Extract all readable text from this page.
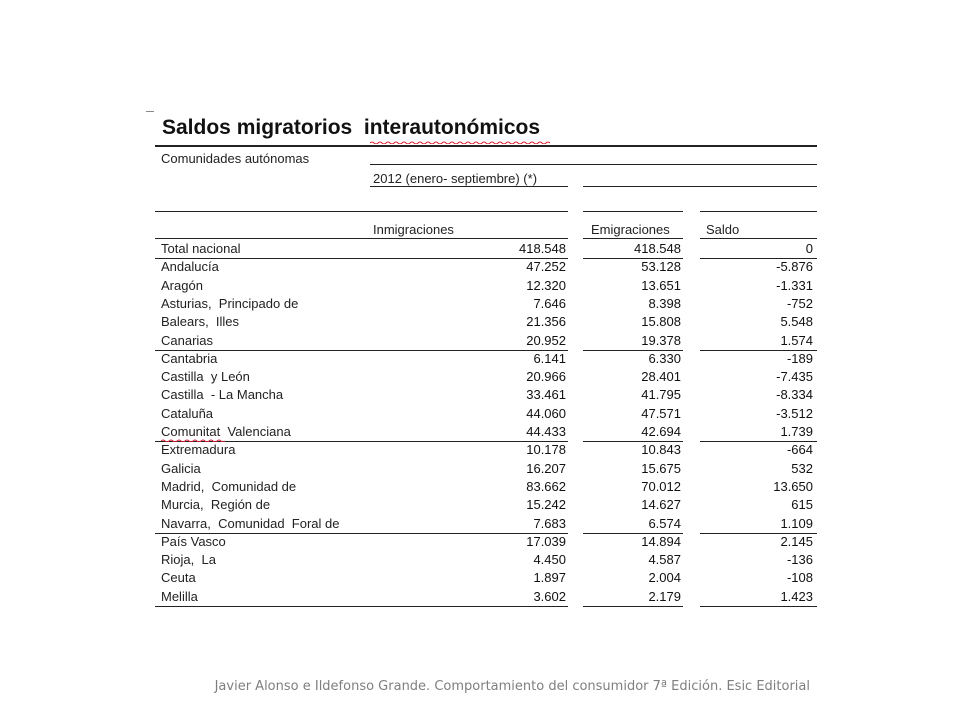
Saldos migratorios  interautonómicos
Comunidades autónomas
2012 (enero- septiembre) (*)
Inmigraciones	Emigraciones	Saldo
Total nacional	418.548	418.548	0
Andalucía	47.252	53.128	-5.876
Aragón	12.320	13.651	-1.331
Asturias,  Principado de	7.646	8.398	-752
Balears,  Illes	21.356	15.808	5.548
Canarias	20.952	19.378	1.574
Cantabria	6.141	6.330	-189
Castilla  y León	20.966	28.401	-7.435
Castilla  - La Mancha	33.461	41.795	-8.334
Cataluña	44.060	47.571	-3.512
Comunitat  Valenciana	44.433	42.694	1.739
Extremadura	10.178	10.843	-664
Galicia	16.207	15.675	532
Madrid,  Comunidad de	83.662	70.012	13.650
Murcia,  Región de	15.242	14.627	615
Navarra,  Comunidad  Foral de	7.683	6.574	1.109
País Vasco	17.039	14.894	2.145
Rioja,  La	4.450	4.587	-136
Ceuta	1.897	2.004	-108
Melilla	3.602	2.179	1.423
Javier Alonso e Ildefonso Grande. Comportamiento del consumidor 7ª Edición. Esic Editorial
